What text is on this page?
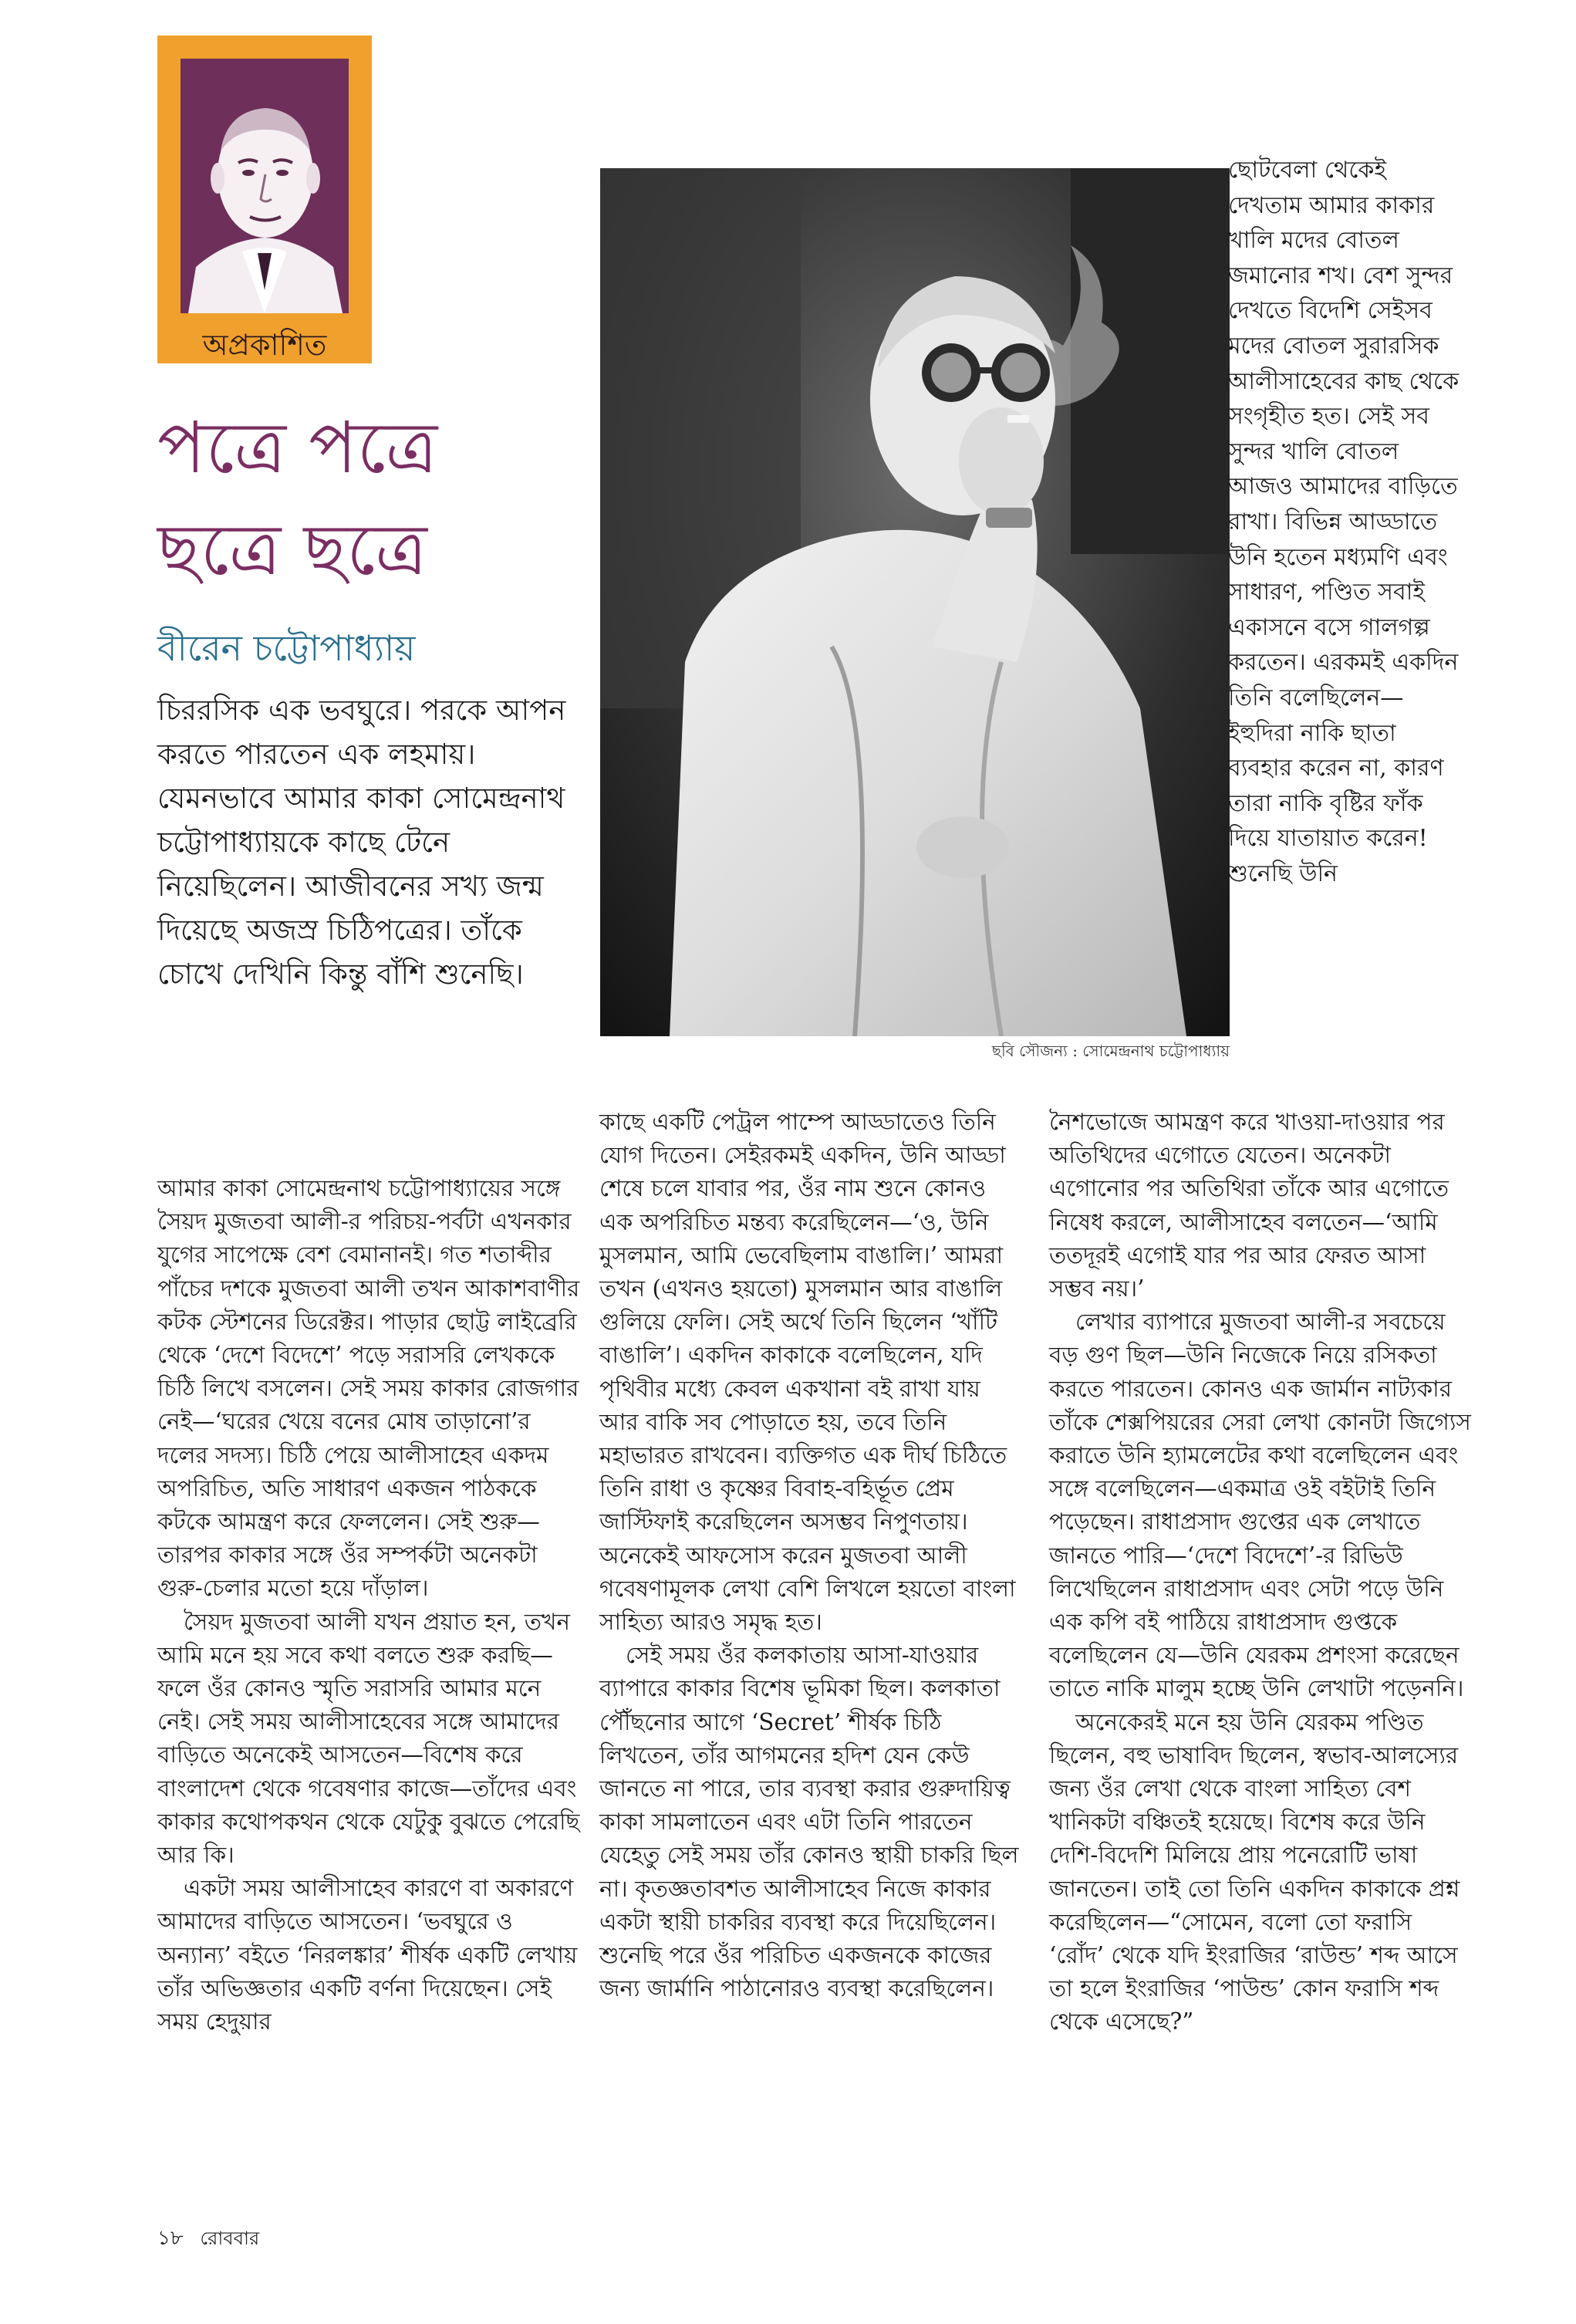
অপ্রকাশিত
পত্রে পত্রে
ছত্রে ছত্রে
বীরেন চট্টোপাধ্যায়
চিররসিক এক ভবঘুরে। পরকে আপন করতে পারতেন এক লহমায়। যেমনভাবে আমার কাকা সোমেন্দ্রনাথ চট্টোপাধ্যায়কে কাছে টেনে নিয়েছিলেন। আজীবনের সখ্য জন্ম দিয়েছে অজস্র চিঠিপত্রের। তাঁকে চোখে দেখিনি কিন্তু বাঁশি শুনেছি।
ছবি সৌজন্য : সোমেন্দ্রনাথ চট্টোপাধ্যায়
ছোটবেলা থেকেই দেখতাম আমার কাকার খালি মদের বোতল জমানোর শখ। বেশ সুন্দর দেখতে বিদেশি সেইসব মদের বোতল সুরারসিক আলীসাহেবের কাছ থেকে সংগৃহীত হত। সেই সব সুন্দর খালি বোতল আজও আমাদের বাড়িতে রাখা। বিভিন্ন আড্ডাতে উনি হতেন মধ্যমণি এবং সাধারণ, পণ্ডিত সবাই একাসনে বসে গালগল্প করতেন। এরকমই একদিন তিনি বলেছিলেন—ইহুদিরা নাকি ছাতা ব্যবহার করেন না, কারণ তারা নাকি বৃষ্টির ফাঁক দিয়ে যাতায়াত করেন! শুনেছি উনি

আমার কাকা সোমেন্দ্রনাথ চট্টোপাধ্যায়ের সঙ্গে সৈয়দ মুজতবা আলী-র পরিচয়-পর্বটা এখনকার যুগের সাপেক্ষে বেশ বেমানানই। গত শতাব্দীর পাঁচের দশকে মুজতবা আলী তখন আকাশবাণীর কটক স্টেশনের ডিরেক্টর। পাড়ার ছোট্ট লাইব্রেরি থেকে ‘দেশে বিদেশে’ পড়ে সরাসরি লেখককে চিঠি লিখে বসলেন। সেই সময় কাকার রোজগার নেই—‘ঘরের খেয়ে বনের মোষ তাড়ানো’র দলের সদস্য। চিঠি পেয়ে আলীসাহেব একদম অপরিচিত, অতি সাধারণ একজন পাঠককে কটকে আমন্ত্রণ করে ফেললেন। সেই শুরু—তারপর কাকার সঙ্গে ওঁর সম্পর্কটা অনেকটা গুরু-চেলার মতো হয়ে দাঁড়াল।

সৈয়দ মুজতবা আলী যখন প্রয়াত হন, তখন আমি মনে হয় সবে কথা বলতে শুরু করছি—ফলে ওঁর কোনও স্মৃতি সরাসরি আমার মনে নেই। সেই সময় আলীসাহেবের সঙ্গে আমাদের বাড়িতে অনেকেই আসতেন—বিশেষ করে বাংলাদেশ থেকে গবেষণার কাজে—তাঁদের এবং কাকার কথোপকথন থেকে যেটুকু বুঝতে পেরেছি আর কি।

একটা সময় আলীসাহেব কারণে বা অকারণে আমাদের বাড়িতে আসতেন। ‘ভবঘুরে ও অন্যান্য’ বইতে ‘নিরলঙ্কার’ শীর্ষক একটি লেখায় তাঁর অভিজ্ঞতার একটি বর্ণনা দিয়েছেন। সেই সময় হেদুয়ার

কাছে একটি পেট্রল পাম্পে আড্ডাতেও তিনি যোগ দিতেন। সেইরকমই একদিন, উনি আড্ডা শেষে চলে যাবার পর, ওঁর নাম শুনে কোনও এক অপরিচিত মন্তব্য করেছিলেন—‘ও, উনি মুসলমান, আমি ভেবেছিলাম বাঙালি।’ আমরা তখন (এখনও হয়তো) মুসলমান আর বাঙালি গুলিয়ে ফেলি। সেই অর্থে তিনি ছিলেন ‘খাঁটি বাঙালি’। একদিন কাকাকে বলেছিলেন, যদি পৃথিবীর মধ্যে কেবল একখানা বই রাখা যায় আর বাকি সব পোড়াতে হয়, তবে তিনি মহাভারত রাখবেন। ব্যক্তিগত এক দীর্ঘ চিঠিতে তিনি রাধা ও কৃষ্ণের বিবাহ-বহির্ভূত প্রেম জাস্টিফাই করেছিলেন অসম্ভব নিপুণতায়। অনেকেই আফসোস করেন মুজতবা আলী গবেষণামূলক লেখা বেশি লিখলে হয়তো বাংলা সাহিত্য আরও সমৃদ্ধ হত।

সেই সময় ওঁর কলকাতায় আসা-যাওয়ার ব্যাপারে কাকার বিশেষ ভূমিকা ছিল। কলকাতা পৌঁছনোর আগে ‘Secret’ শীর্ষক চিঠি লিখতেন, তাঁর আগমনের হদিশ যেন কেউ জানতে না পারে, তার ব্যবস্থা করার গুরুদায়িত্ব কাকা সামলাতেন এবং এটা তিনি পারতেন যেহেতু সেই সময় তাঁর কোনও স্থায়ী চাকরি ছিল না। কৃতজ্ঞতাবশত আলীসাহেব নিজে কাকার একটা স্থায়ী চাকরির ব্যবস্থা করে দিয়েছিলেন। শুনেছি পরে ওঁর পরিচিত একজনকে কাজের জন্য জার্মানি পাঠানোরও ব্যবস্থা করেছিলেন।

নৈশভোজে আমন্ত্রণ করে খাওয়া-দাওয়ার পর অতিথিদের এগোতে যেতেন। অনেকটা এগোনোর পর অতিথিরা তাঁকে আর এগোতে নিষেধ করলে, আলীসাহেব বলতেন—‘আমি ততদূরই এগোই যার পর আর ফেরত আসা সম্ভব নয়।’

লেখার ব্যাপারে মুজতবা আলী-র সবচেয়ে বড় গুণ ছিল—উনি নিজেকে নিয়ে রসিকতা করতে পারতেন। কোনও এক জার্মান নাট্যকার তাঁকে শেক্সপিয়রের সেরা লেখা কোনটা জিগ্যেস করাতে উনি হ্যামলেটের কথা বলেছিলেন এবং সঙ্গে বলেছিলেন—একমাত্র ওই বইটাই তিনি পড়েছেন। রাধাপ্রসাদ গুপ্তের এক লেখাতে জানতে পারি—‘দেশে বিদেশে’-র রিভিউ লিখেছিলেন রাধাপ্রসাদ এবং সেটা পড়ে উনি এক কপি বই পাঠিয়ে রাধাপ্রসাদ গুপ্তকে বলেছিলেন যে—উনি যেরকম প্রশংসা করেছেন তাতে নাকি মালুম হচ্ছে উনি লেখাটা পড়েননি।

অনেকেরই মনে হয় উনি যেরকম পণ্ডিত ছিলেন, বহু ভাষাবিদ ছিলেন, স্বভাব-আলস্যের জন্য ওঁর লেখা থেকে বাংলা সাহিত্য বেশ খানিকটা বঞ্চিতই হয়েছে। বিশেষ করে উনি দেশি-বিদেশি মিলিয়ে প্রায় পনেরোটি ভাষা জানতেন। তাই তো তিনি একদিন কাকাকে প্রশ্ন করেছিলেন—“সোমেন, বলো তো ফরাসি ‘রোঁদ’ থেকে যদি ইংরাজির ‘রাউন্ড’ শব্দ আসে তা হলে ইংরাজির ‘পাউন্ড’ কোন ফরাসি শব্দ থেকে এসেছে?”

১৮ রোববার
